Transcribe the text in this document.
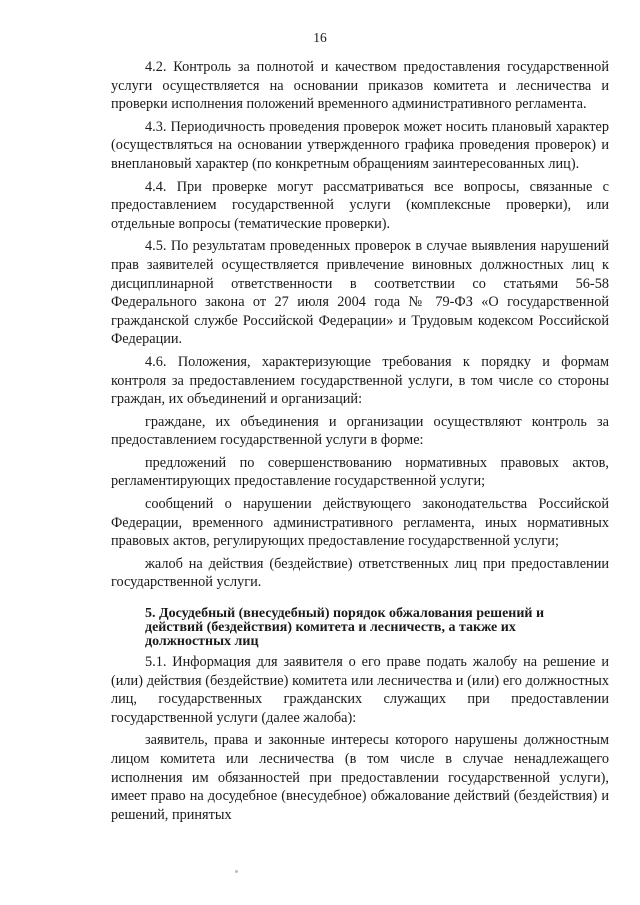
16

4.2. Контроль за полнотой и качеством предоставления государственной услуги осуществляется на основании приказов комитета и лесничества и проверки исполнения положений временного административного регламента.

4.3. Периодичность проведения проверок может носить плановый характер (осуществляться на основании утвержденного графика проведения проверок) и внеплановый характер (по конкретным обращениям заинтересованных лиц).

4.4. При проверке могут рассматриваться все вопросы, связанные с предоставлением государственной услуги (комплексные проверки), или отдельные вопросы (тематические проверки).

4.5. По результатам проведенных проверок в случае выявления нарушений прав заявителей осуществляется привлечение виновных должностных лиц к дисциплинарной ответственности в соответствии со статьями 56-58 Федерального закона от 27 июля 2004 года № 79-ФЗ «О государственной гражданской службе Российской Федерации» и Трудовым кодексом Российской Федерации.

4.6. Положения, характеризующие требования к порядку и формам контроля за предоставлением государственной услуги, в том числе со стороны граждан, их объединений и организаций:

граждане, их объединения и организации осуществляют контроль за предоставлением государственной услуги в форме:

предложений по совершенствованию нормативных правовых актов, регламентирующих предоставление государственной услуги;

сообщений о нарушении действующего законодательства Российской Федерации, временного административного регламента, иных нормативных правовых актов, регулирующих предоставление государственной услуги;

жалоб на действия (бездействие) ответственных лиц при предоставлении государственной услуги.

5. Досудебный (внесудебный) порядок обжалования решений и действий (бездействия) комитета и лесничеств, а также их должностных лиц

5.1. Информация для заявителя о его праве подать жалобу на решение и (или) действия (бездействие) комитета или лесничества и (или) его должностных лиц, государственных гражданских служащих при предоставлении государственной услуги (далее жалоба):

заявитель, права и законные интересы которого нарушены должностным лицом комитета или лесничества (в том числе в случае ненадлежащего исполнения им обязанностей при предоставлении государственной услуги), имеет право на досудебное (внесудебное) обжалование действий (бездействия) и решений, принятых
